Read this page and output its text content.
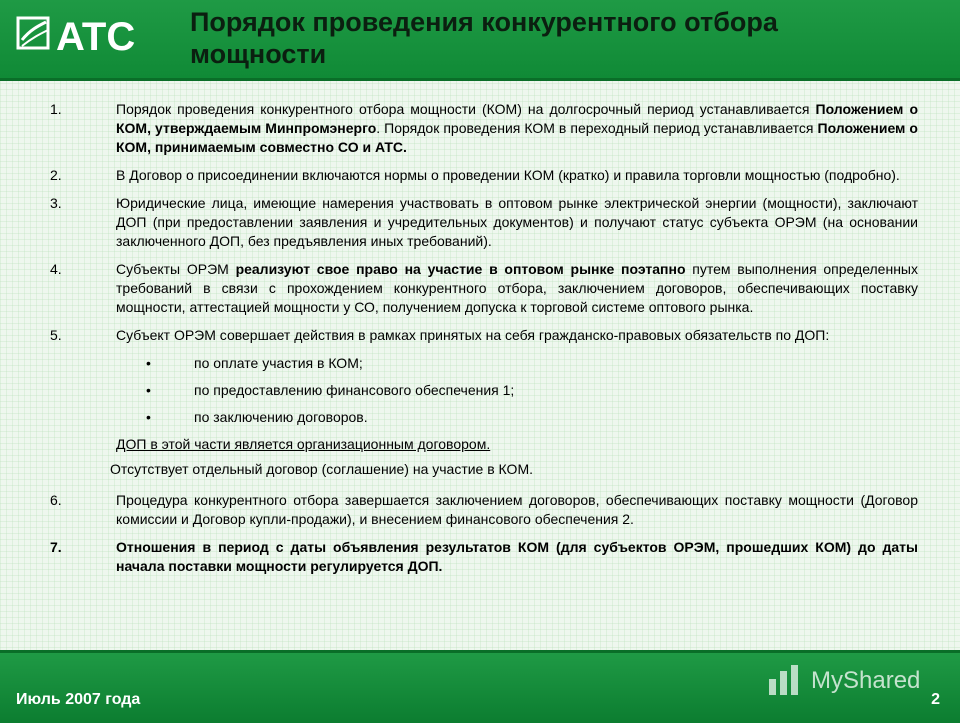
ATC Порядок проведения конкурентного отбора
мощности
1.	Порядок проведения конкурентного отбора мощности (КОМ) на долгосрочный период устанавливается Положением о КОМ, утверждаемым Минпромэнерго. Порядок проведения КОМ в переходный период устанавливается Положением о КОМ, принимаемым совместно СО и АТС.
2.	В Договор о присоединении включаются нормы о проведении КОМ (кратко) и правила торговли мощностью (подробно).
3.	Юридические лица, имеющие намерения участвовать в оптовом рынке электрической энергии (мощности), заключают ДОП (при предоставлении заявления и учредительных документов) и получают статус субъекта ОРЭМ (на основании заключенного ДОП, без предъявления иных требований).
4.	Субъекты ОРЭМ реализуют свое право на участие в оптовом рынке поэтапно путем выполнения определенных требований в связи с прохождением конкурентного отбора, заключением договоров, обеспечивающих поставку мощности, аттестацией мощности у СО, получением допуска к торговой системе оптового рынка.
5.	Субъект ОРЭМ совершает действия в рамках принятых на себя гражданско-правовых обязательств по ДОП:
•	по оплате участия в КОМ;
•	по предоставлению финансового обеспечения 1;
•	по заключению договоров.
ДОП в этой части является организационным договором.
Отсутствует отдельный договор (соглашение) на участие в КОМ.
6.	Процедура конкурентного отбора завершается заключением договоров, обеспечивающих поставку мощности (Договор комиссии и Договор купли-продажи), и внесением финансового обеспечения 2.
7.	Отношения в период с даты объявления результатов КОМ (для субъектов ОРЭМ, прошедших КОМ) до даты начала поставки мощности регулируется ДОП.
MyShared
Июль 2007 года	2
